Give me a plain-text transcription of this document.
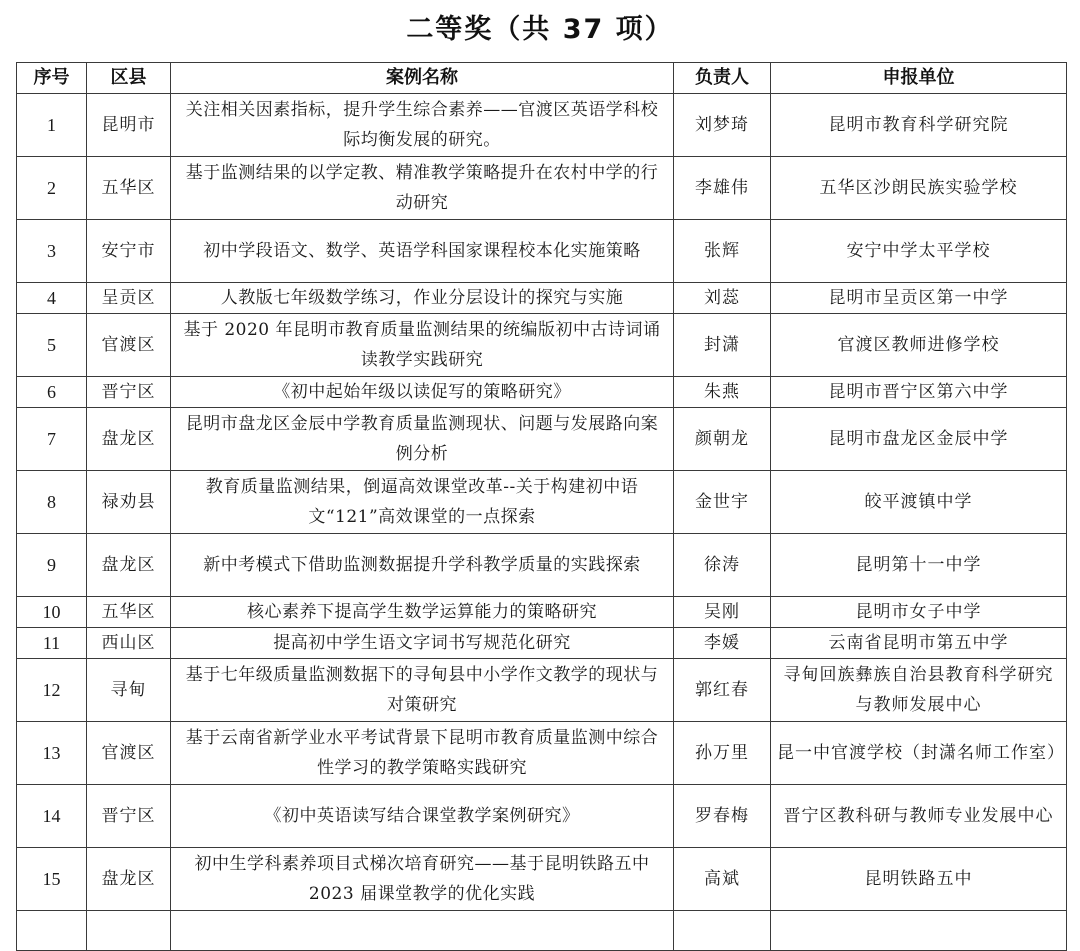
二等奖（共 37 项）
序号	区县	案例名称	负责人	申报单位
1	昆明市	关注相关因素指标，提升学生综合素养——官渡区英语学科校际均衡发展的研究。	刘梦琦	昆明市教育科学研究院
2	五华区	基于监测结果的以学定教、精准教学策略提升在农村中学的行动研究	李雄伟	五华区沙朗民族实验学校
3	安宁市	初中学段语文、数学、英语学科国家课程校本化实施策略	张辉	安宁中学太平学校
4	呈贡区	人教版七年级数学练习，作业分层设计的探究与实施	刘蕊	昆明市呈贡区第一中学
5	官渡区	基于 2020 年昆明市教育质量监测结果的统编版初中古诗词诵读教学实践研究	封潇	官渡区教师进修学校
6	晋宁区	《初中起始年级以读促写的策略研究》	朱燕	昆明市晋宁区第六中学
7	盘龙区	昆明市盘龙区金辰中学教育质量监测现状、问题与发展路向案例分析	颜朝龙	昆明市盘龙区金辰中学
8	禄劝县	教育质量监测结果，倒逼高效课堂改革--关于构建初中语文“121”高效课堂的一点探索	金世宇	皎平渡镇中学
9	盘龙区	新中考模式下借助监测数据提升学科教学质量的实践探索	徐涛	昆明第十一中学
10	五华区	核心素养下提高学生数学运算能力的策略研究	吴刚	昆明市女子中学
11	西山区	提高初中学生语文字词书写规范化研究	李媛	云南省昆明市第五中学
12	寻甸	基于七年级质量监测数据下的寻甸县中小学作文教学的现状与对策研究	郭红春	寻甸回族彝族自治县教育科学研究与教师发展中心
13	官渡区	基于云南省新学业水平考试背景下昆明市教育质量监测中综合性学习的教学策略实践研究	孙万里	昆一中官渡学校（封潇名师工作室）
14	晋宁区	《初中英语读写结合课堂教学案例研究》	罗春梅	晋宁区教科研与教师专业发展中心
15	盘龙区	初中生学科素养项目式梯次培育研究——基于昆明铁路五中 2023 届课堂教学的优化实践	高斌	昆明铁路五中
